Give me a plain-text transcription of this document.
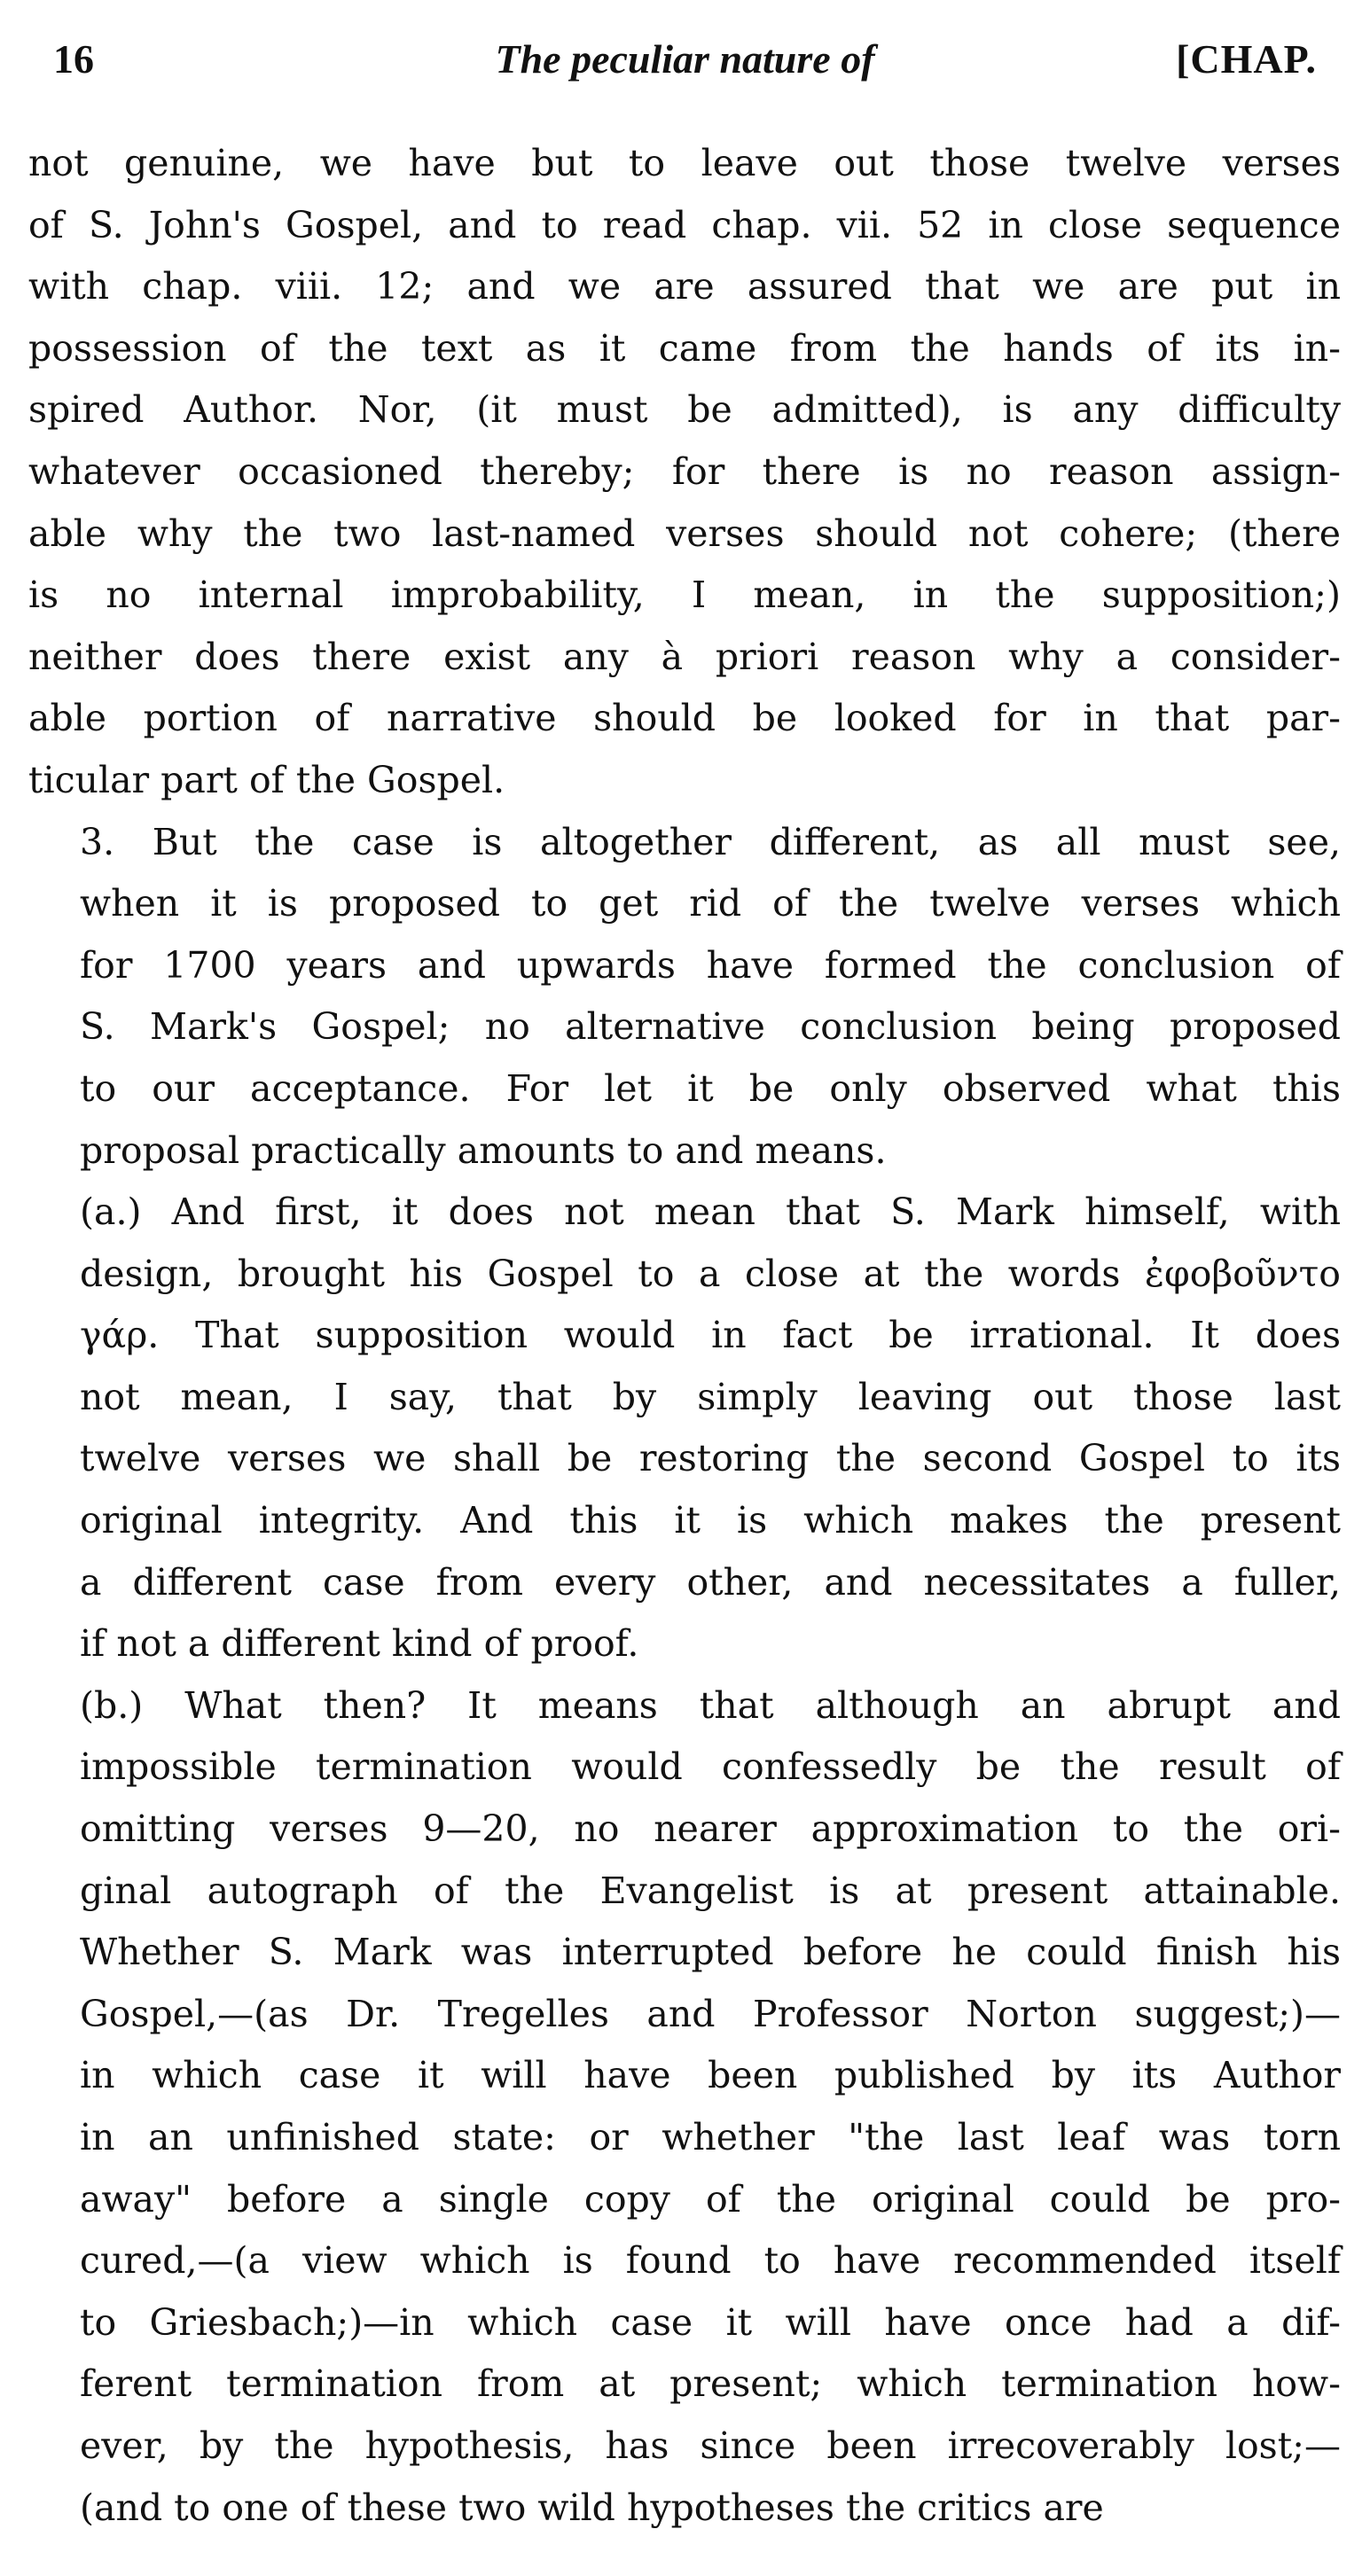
16	The peculiar nature of	[CHAP.

not genuine, we have but to leave out those twelve verses
of S. John's Gospel, and to read chap. vii. 52 in close sequence
with chap. viii. 12; and we are assured that we are put in
possession of the text as it came from the hands of its in-
spired Author. Nor, (it must be admitted), is any difficulty
whatever occasioned thereby; for there is no reason assign-
able why the two last-named verses should not cohere; (there
is no internal improbability, I mean, in the supposition;)
neither does there exist any à priori reason why a consider-
able portion of narrative should be looked for in that par-
ticular part of the Gospel.

3. But the case is altogether different, as all must see,
when it is proposed to get rid of the twelve verses which
for 1700 years and upwards have formed the conclusion of
S. Mark's Gospel; no alternative conclusion being proposed
to our acceptance. For let it be only observed what this
proposal practically amounts to and means.

(a.) And first, it does not mean that S. Mark himself, with
design, brought his Gospel to a close at the words ἐφοβοῦντο
γάρ. That supposition would in fact be irrational. It does
not mean, I say, that by simply leaving out those last
twelve verses we shall be restoring the second Gospel to its
original integrity. And this it is which makes the present
a different case from every other, and necessitates a fuller,
if not a different kind of proof.

(b.) What then? It means that although an abrupt and
impossible termination would confessedly be the result of
omitting verses 9—20, no nearer approximation to the ori-
ginal autograph of the Evangelist is at present attainable.
Whether S. Mark was interrupted before he could finish his
Gospel,—(as Dr. Tregelles and Professor Norton suggest;)—
in which case it will have been published by its Author
in an unfinished state: or whether "the last leaf was torn
away" before a single copy of the original could be pro-
cured,—(a view which is found to have recommended itself
to Griesbach;)—in which case it will have once had a dif-
ferent termination from at present; which termination how-
ever, by the hypothesis, has since been irrecoverably lost;—
(and to one of these two wild hypotheses the critics are
